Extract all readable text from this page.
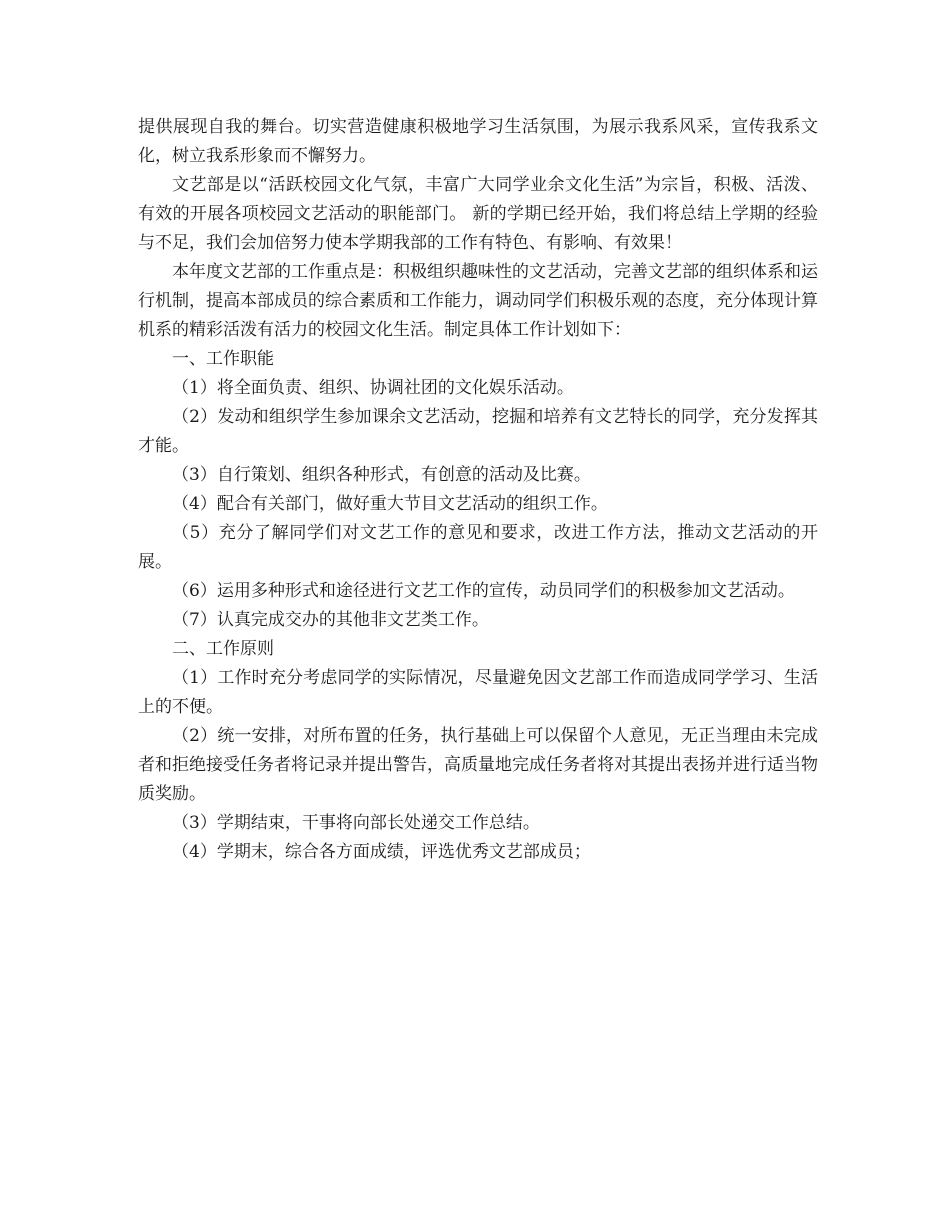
提供展现自我的舞台。切实营造健康积极地学习生活氛围，为展示我系风采，宣传我系文化，树立我系形象而不懈努力。

文艺部是以“活跃校园文化气氛，丰富广大同学业余文化生活”为宗旨，积极、活泼、有效的开展各项校园文艺活动的职能部门。 新的学期已经开始，我们将总结上学期的经验与不足，我们会加倍努力使本学期我部的工作有特色、有影响、有效果！

本年度文艺部的工作重点是：积极组织趣味性的文艺活动，完善文艺部的组织体系和运行机制，提高本部成员的综合素质和工作能力，调动同学们积极乐观的态度，充分体现计算机系的精彩活泼有活力的校园文化生活。制定具体工作计划如下：

一、工作职能

（1）将全面负责、组织、协调社团的文化娱乐活动。

（2）发动和组织学生参加课余文艺活动，挖掘和培养有文艺特长的同学，充分发挥其才能。

（3）自行策划、组织各种形式，有创意的活动及比赛。

（4）配合有关部门，做好重大节目文艺活动的组织工作。

（5）充分了解同学们对文艺工作的意见和要求，改进工作方法，推动文艺活动的开展。

（6）运用多种形式和途径进行文艺工作的宣传，动员同学们的积极参加文艺活动。

（7）认真完成交办的其他非文艺类工作。

二、工作原则

（1）工作时充分考虑同学的实际情况，尽量避免因文艺部工作而造成同学学习、生活上的不便。

（2）统一安排，对所布置的任务，执行基础上可以保留个人意见，无正当理由未完成者和拒绝接受任务者将记录并提出警告，高质量地完成任务者将对其提出表扬并进行适当物质奖励。

（3）学期结束，干事将向部长处递交工作总结。

（4）学期末，综合各方面成绩，评选优秀文艺部成员；
